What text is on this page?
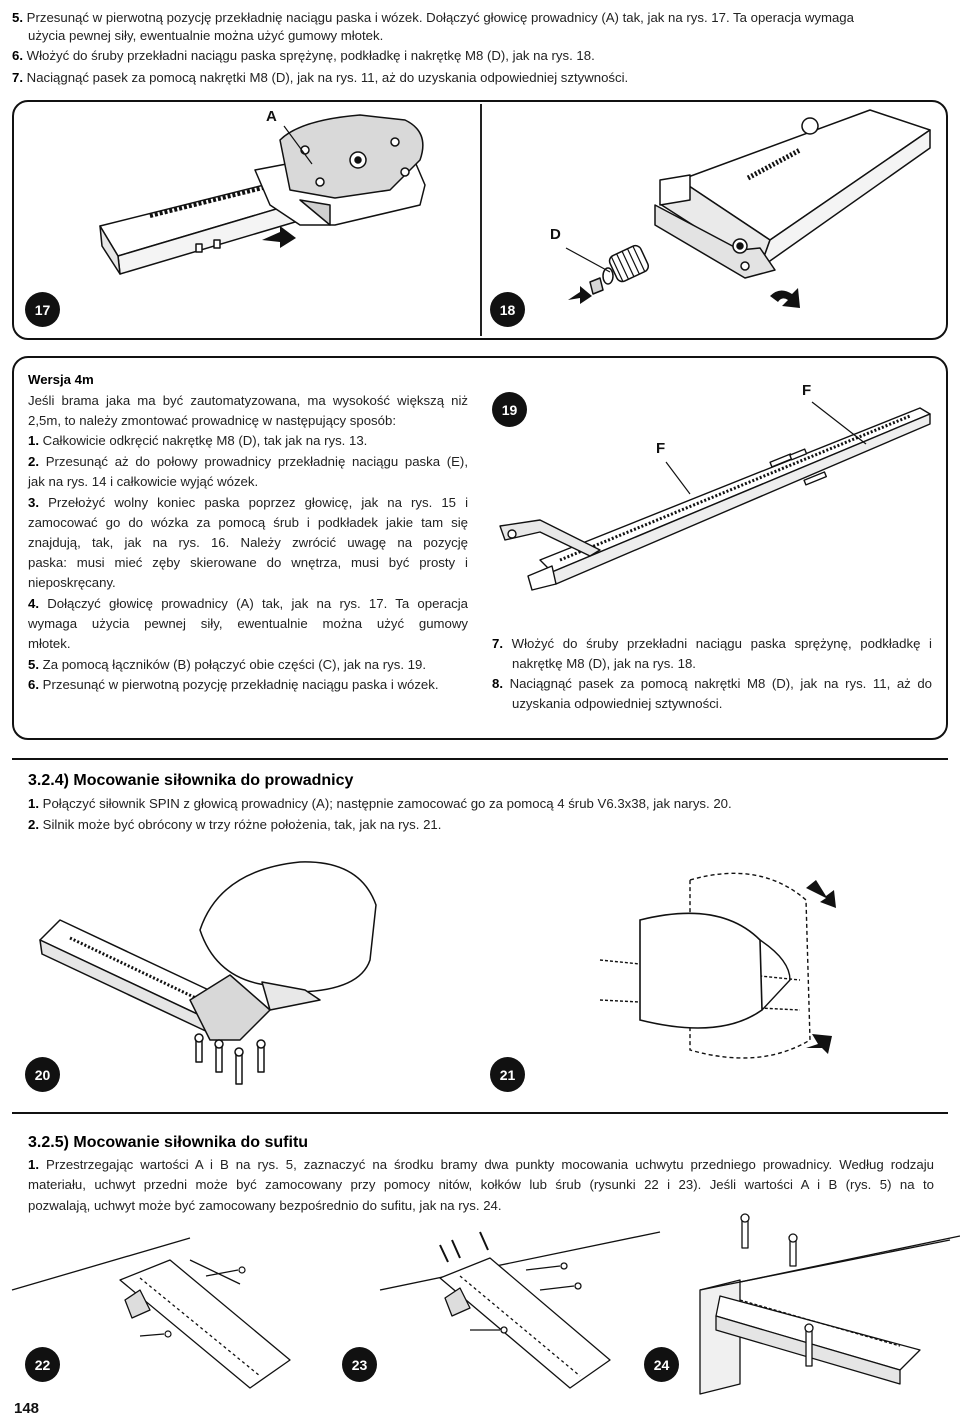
5. Przesunąć w pierwotną pozycję przekładnię naciągu paska i wózek. Dołączyć głowicę prowadnicy (A) tak, jak na rys. 17. Ta operacja wymaga
użycia pewnej siły, ewentualnie można użyć gumowy młotek.
6. Włożyć do śruby przekładni naciągu paska sprężynę, podkładkę i nakrętkę M8 (D), jak na rys. 18.
7. Naciągnąć pasek za pomocą nakrętki M8 (D), jak na rys. 11, aż do uzyskania odpowiedniej sztywności.
A
17
D
18
Wersja 4m
Jeśli brama jaka ma być zautomatyzowana, ma wysokość większą niż
2,5m, to należy zmontować prowadnicę w następujący sposób:
1. Całkowicie odkręcić nakrętkę M8 (D), tak jak na rys. 13.
2. Przesunąć aż do połowy prowadnicy przekładnię naciągu paska (E),
jak na rys. 14 i całkowicie wyjąć wózek.
3. Przełożyć wolny koniec paska poprzez głowicę, jak na rys. 15 i
zamocować go do wózka za pomocą śrub i podkładek jakie tam się
znajdują, tak, jak na rys. 16. Należy zwrócić uwagę na pozycję
paska: musi mieć zęby skierowane do wnętrza, musi być prosty i
nieposkręcany.
4. Dołączyć głowicę prowadnicy (A) tak, jak na rys. 17. Ta operacja
wymaga użycia pewnej siły, ewentualnie można użyć gumowy
młotek.
5. Za pomocą łączników (B) połączyć obie części (C), jak na rys. 19.
6. Przesunąć w pierwotną pozycję przekładnię naciągu paska i wózek.
7. Włożyć do śruby przekładni naciągu paska sprężynę, podkładkę i
nakrętkę M8 (D), jak na rys. 18.
8. Naciągnąć pasek za pomocą nakrętki M8 (D), jak na rys. 11, aż do
uzyskania odpowiedniej sztywności.
19
F
F
3.2.4) Mocowanie siłownika do prowadnicy
1. Połączyć siłownik SPIN z głowicą prowadnicy (A); następnie zamocować go za pomocą 4 śrub V6.3x38, jak narys. 20.
2. Silnik może być obrócony w trzy różne położenia, tak, jak na rys. 21.
20	21
3.2.5) Mocowanie siłownika do sufitu
1. Przestrzegając wartości A i B na rys. 5, zaznaczyć na środku bramy dwa punkty mocowania uchwytu przedniego prowadnicy. Według rodzaju
materiału, uchwyt przedni może być zamocowany przy pomocy nitów, kołków lub śrub (rysunki 22 i 23). Jeśli wartości A i B (rys. 5) na to
pozwalają, uchwyt może być zamocowany bezpośrednio do sufitu, jak na rys. 24.
22	23	24
148
